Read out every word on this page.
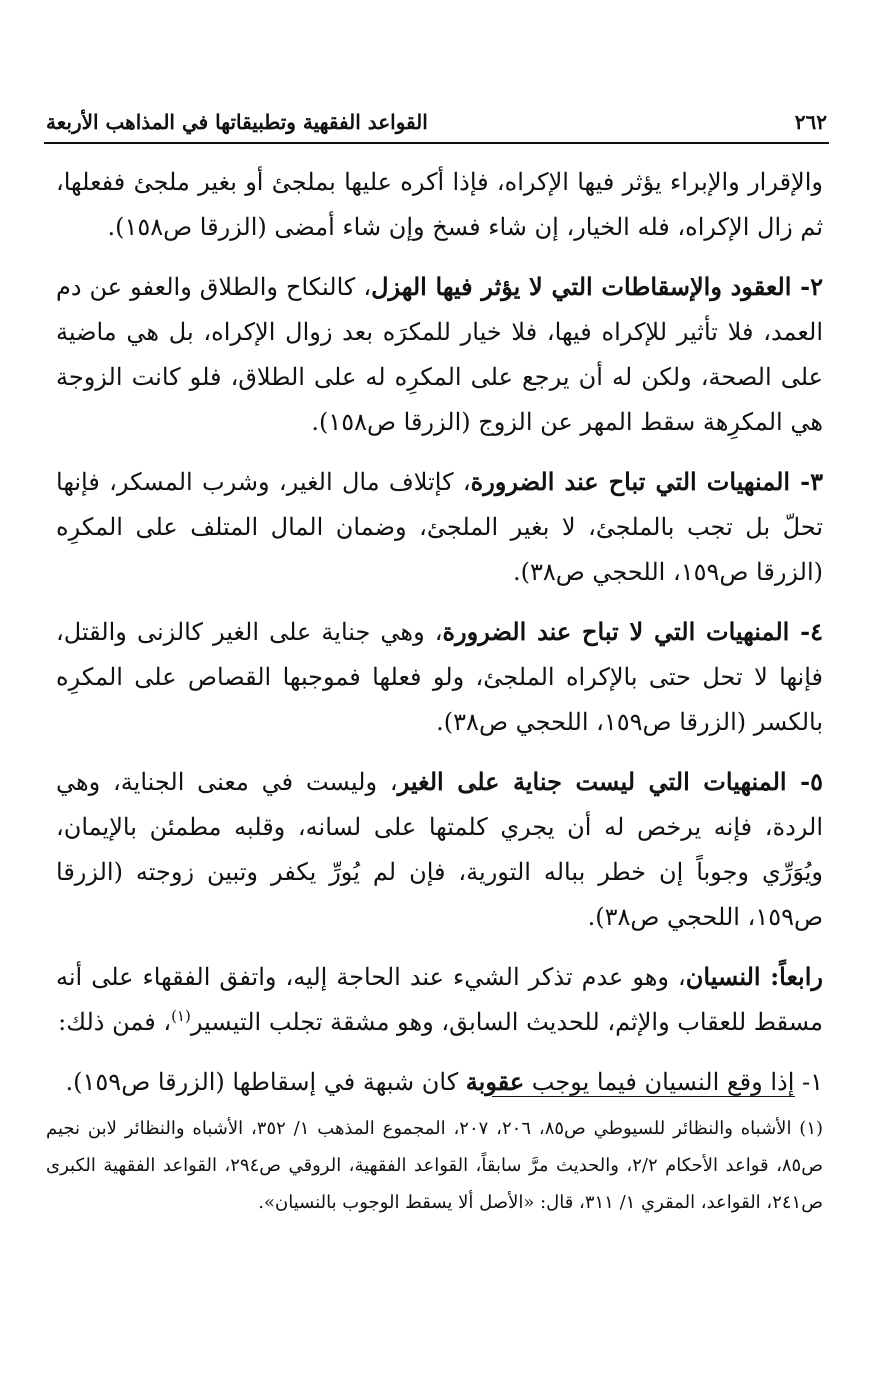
٢٦٢
القواعد الفقهية وتطبيقاتها في المذاهب الأربعة

والإقرار والإبراء يؤثر فيها الإكراه، فإذا أكره عليها بملجئ أو بغير ملجئ ففعلها، ثم زال الإكراه، فله الخيار، إن شاء فسخ وإن شاء أمضى (الزرقا ص١٥٨).

٢- العقود والإسقاطات التي لا يؤثر فيها الهزل، كالنكاح والطلاق والعفو عن دم العمد، فلا تأثير للإكراه فيها، فلا خيار للمكرَه بعد زوال الإكراه، بل هي ماضية على الصحة، ولكن له أن يرجع على المكرِه له على الطلاق، فلو كانت الزوجة هي المكرِهة سقط المهر عن الزوج (الزرقا ص١٥٨).

٣- المنهيات التي تباح عند الضرورة، كإتلاف مال الغير، وشرب المسكر، فإنها تحلّ بل تجب بالملجئ، لا بغير الملجئ، وضمان المال المتلف على المكرِه (الزرقا ص١٥٩، اللحجي ص٣٨).

٤- المنهيات التي لا تباح عند الضرورة، وهي جناية على الغير كالزنى والقتل، فإنها لا تحل حتى بالإكراه الملجئ، ولو فعلها فموجبها القصاص على المكرِه بالكسر (الزرقا ص١٥٩، اللحجي ص٣٨).

٥- المنهيات التي ليست جناية على الغير، وليست في معنى الجناية، وهي الردة، فإنه يرخص له أن يجري كلمتها على لسانه، وقلبه مطمئن بالإيمان، ويُوَرِّي وجوباً إن خطر بباله التورية، فإن لم يُورِّ يكفر وتبين زوجته (الزرقا ص١٥٩، اللحجي ص٣٨).

رابعاً: النسيان، وهو عدم تذكر الشيء عند الحاجة إليه، واتفق الفقهاء على أنه مسقط للعقاب والإثم، للحديث السابق، وهو مشقة تجلب التيسير$^{(١)}$، فمن ذلك:

١- إذا وقع النسيان فيما يوجب عقوبة كان شبهة في إسقاطها (الزرقا ص١٥٩).

(١) الأشباه والنظائر للسيوطي ص٨٥، ٢٠٦، ٢٠٧، المجموع المذهب ١/ ٣٥٢، الأشباه والنظائر لابن نجيم ص٨٥، قواعد الأحكام ٢/٢، والحديث مرَّ سابقاً، القواعد الفقهية، الروقي ص٢٩٤، القواعد الفقهية الكبرى ص٢٤١، القواعد، المقري ١/ ٣١١، قال: «الأصل ألا يسقط الوجوب بالنسيان».
